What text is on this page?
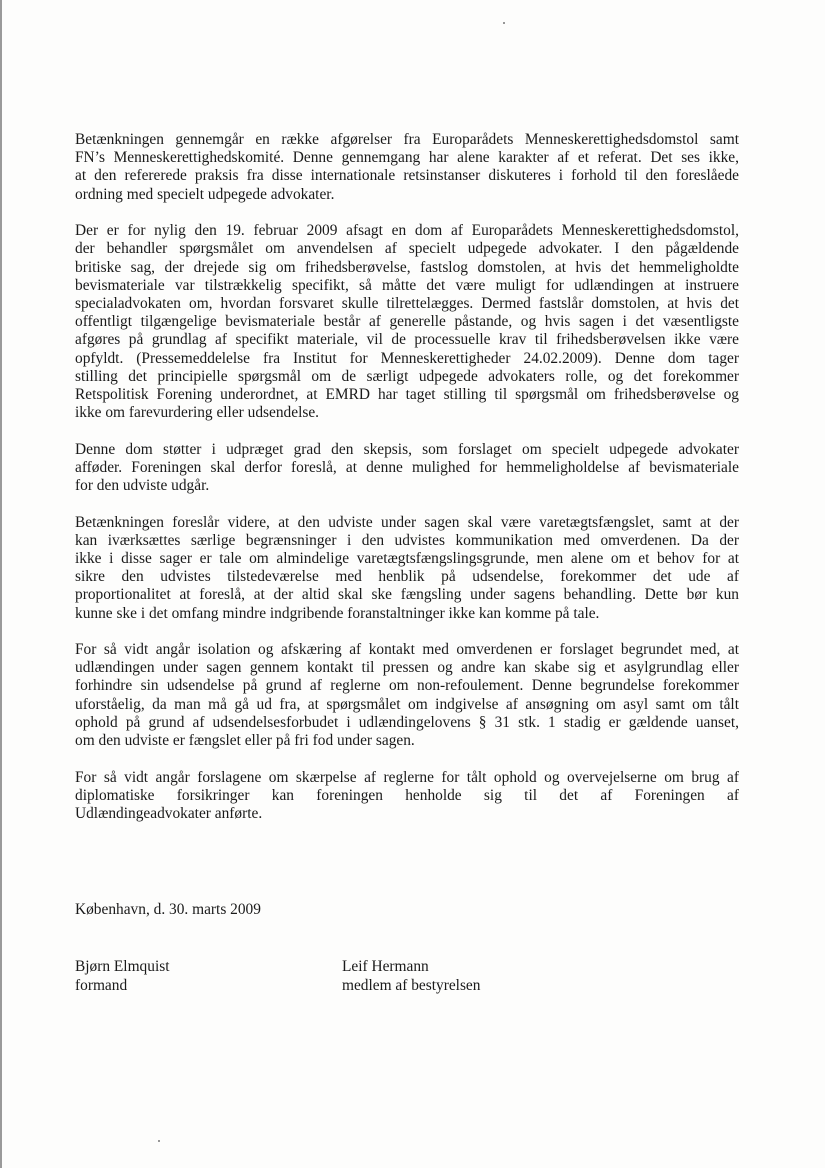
Betænkningen gennemgår en række afgørelser fra Europarådets Menneskerettighedsdomstol samt
FN’s Menneskerettighedskomité. Denne gennemgang har alene karakter af et referat. Det ses ikke,
at den refererede praksis fra disse internationale retsinstanser diskuteres i forhold til den foreslåede
ordning med specielt udpegede advokater.

Der er for nylig den 19. februar 2009 afsagt en dom af Europarådets Menneskerettighedsdomstol,
der behandler spørgsmålet om anvendelsen af specielt udpegede advokater. I den pågældende
britiske sag, der drejede sig om frihedsberøvelse, fastslog domstolen, at hvis det hemmeligholdte
bevismateriale var tilstrækkelig specifikt, så måtte det være muligt for udlændingen at instruere
specialadvokaten om, hvordan forsvaret skulle tilrettelægges. Dermed fastslår domstolen, at hvis det
offentligt tilgængelige bevismateriale består af generelle påstande, og hvis sagen i det væsentligste
afgøres på grundlag af specifikt materiale, vil de processuelle krav til frihedsberøvelsen ikke være
opfyldt. (Pressemeddelelse fra Institut for Menneskerettigheder 24.02.2009). Denne dom tager
stilling det principielle spørgsmål om de særligt udpegede advokaters rolle, og det forekommer
Retspolitisk Forening underordnet, at EMRD har taget stilling til spørgsmål om frihedsberøvelse og
ikke om farevurdering eller udsendelse.

Denne dom støtter i udpræget grad den skepsis, som forslaget om specielt udpegede advokater
afføder. Foreningen skal derfor foreslå, at denne mulighed for hemmeligholdelse af bevismateriale
for den udviste udgår.

Betænkningen foreslår videre, at den udviste under sagen skal være varetægtsfængslet, samt at der
kan iværksættes særlige begrænsninger i den udvistes kommunikation med omverdenen. Da der
ikke i disse sager er tale om almindelige varetægtsfængslingsgrunde, men alene om et behov for at
sikre den udvistes tilstedeværelse med henblik på udsendelse, forekommer det ude af
proportionalitet at foreslå, at der altid skal ske fængsling under sagens behandling. Dette bør kun
kunne ske i det omfang mindre indgribende foranstaltninger ikke kan komme på tale.

For så vidt angår isolation og afskæring af kontakt med omverdenen er forslaget begrundet med, at
udlændingen under sagen gennem kontakt til pressen og andre kan skabe sig et asylgrundlag eller
forhindre sin udsendelse på grund af reglerne om non-refoulement. Denne begrundelse forekommer
uforståelig, da man må gå ud fra, at spørgsmålet om indgivelse af ansøgning om asyl samt om tålt
ophold på grund af udsendelsesforbudet i udlændingelovens § 31 stk. 1 stadig er gældende uanset,
om den udviste er fængslet eller på fri fod under sagen.

For så vidt angår forslagene om skærpelse af reglerne for tålt ophold og overvejelserne om brug af
diplomatiske forsikringer kan foreningen henholde sig til det af Foreningen af
Udlændingeadvokater anførte.

København, d. 30. marts 2009
Bjørn Elmquist
formand
Leif Hermann
medlem af bestyrelsen
